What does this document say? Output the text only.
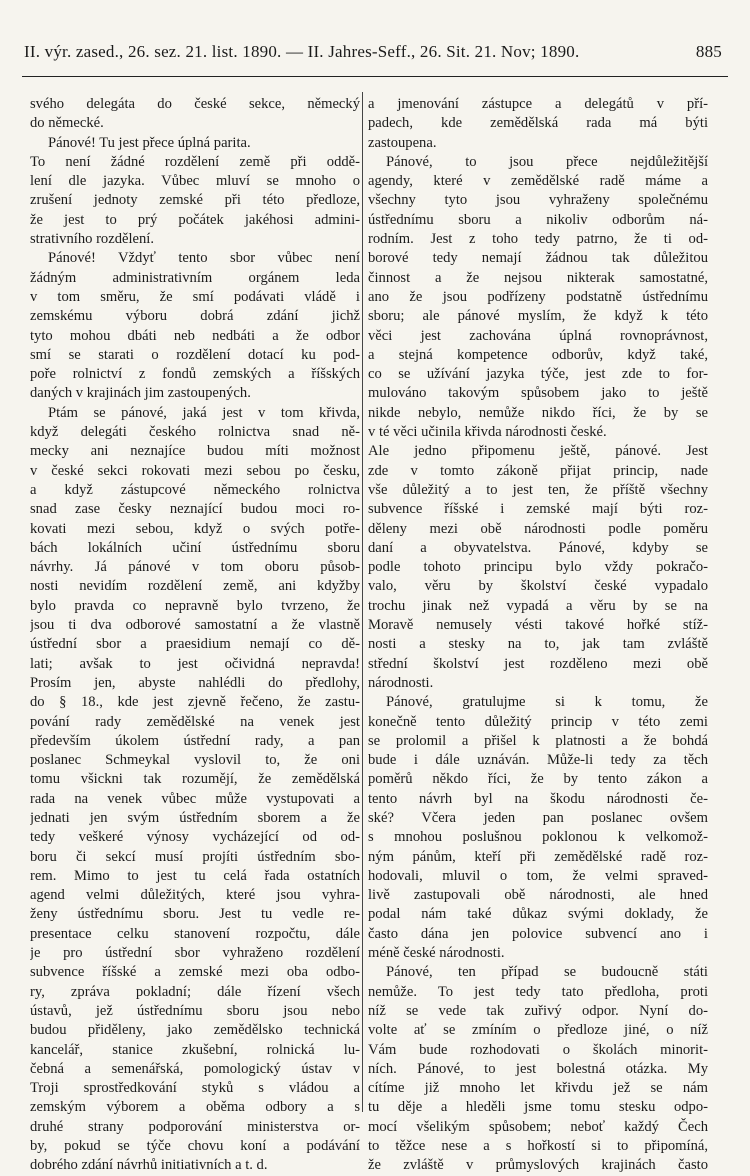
II. výr. zased., 26. sez. 21. list. 1890. — II. Jahres-Seff., 26. Sit. 21. Nov; 1890.	885
svého delegáta do české sekce, německý
do německé.
Pánové! Tu jest přece úplná parita.
To není žádné rozdělení země při oddě-
lení dle jazyka. Vůbec mluví se mnoho o
zrušení jednoty zemské při této předloze,
že jest to prý počátek jakéhosi admini-
strativního rozdělení.
Pánové! Vždyť tento sbor vůbec není
žádným administrativním orgánem leda
v tom směru, že smí podávati vládě i
zemskému výboru dobrá zdání jichž
tyto mohou dbáti neb nedbáti a že odbor
smí se starati o rozdělení dotací ku pod-
poře rolnictví z fondů zemských a říšských
daných v krajinách jim zastoupených.
Ptám se pánové, jaká jest v tom křivda,
když delegáti českého rolnictva snad ně-
mecky ani neznajíce budou míti možnost
v české sekci rokovati mezi sebou po česku,
a když zástupcové německého rolnictva
snad zase česky neznající budou moci ro-
kovati mezi sebou, když o svých potře-
bách lokálních učiní ústřednímu sboru
návrhy. Já pánové v tom oboru působ-
nosti nevidím rozdělení země, ani kdyžby
bylo pravda co nepravně bylo tvrzeno, že
jsou ti dva odborové samostatní a že vlastně
ústřední sbor a praesidium nemají co dě-
lati; avšak to jest očividná nepravda!
Prosím jen, abyste nahlédli do předlohy,
do § 18., kde jest zjevně řečeno, že zastu-
pování rady zemědělské na venek jest
především úkolem ústřední rady, a pan
poslanec Schmeykal vyslovil to, že oni
tomu všickni tak rozumějí, že zemědělská
rada na venek vůbec může vystupovati a
jednati jen svým ústředním sborem a že
tedy veškeré výnosy vycházející od od-
boru či sekcí musí projíti ústředním sbo-
rem. Mimo to jest tu celá řada ostatních
agend velmi důležitých, které jsou vyhra-
ženy ústřednímu sboru. Jest tu vedle re-
presentace celku stanovení rozpočtu, dále
je pro ústřední sbor vyhraženo rozdělení
subvence říšské a zemské mezi oba odbo-
ry, zpráva pokladní; dále řízení všech
ústavů, jež ústřednímu sboru jsou nebo
budou přiděleny, jako zemědělsko technická
kancelář, stanice zkušební, rolnická lu-
čebná a semenářská, pomologický ústav v
Troji sprostředkování styků s vládou a
zemským výborem a oběma odbory a s
druhé strany podporování ministerstva or-
by, pokud se týče chovu koní a podávání
dobrého zdání návrhů initiativních a t. d.
a jmenování zástupce a delegátů v pří-
padech, kde zemědělská rada má býti
zastoupena.
Pánové, to jsou přece nejdůležitější
agendy, které v zemědělské radě máme a
všechny tyto jsou vyhraženy společnému
ústřednímu sboru a nikoliv odborům ná-
rodním. Jest z toho tedy patrno, že ti od-
borové tedy nemají žádnou tak důležitou
činnost a že nejsou nikterak samostatné,
ano že jsou podřízeny podstatně ústřednímu
sboru; ale pánové myslím, že když k této
věci jest zachována úplná rovnoprávnost,
a stejná kompetence odborův, když také,
co se užívání jazyka týče, jest zde to for-
mulováno takovým spůsobem jako to ještě
nikde nebylo, nemůže nikdo říci, že by se
v té věci učinila křivda národnosti české.
Ale jedno připomenu ještě, pánové. Jest
zde v tomto zákoně přijat princip, nade
vše důležitý a to jest ten, že příště všechny
subvence říšské i zemské mají býti roz-
děleny mezi obě národnosti podle poměru
daní a obyvatelstva. Pánové, kdyby se
podle tohoto principu bylo vždy pokračo-
valo, věru by školství české vypadalo
trochu jinak než vypadá a věru by se na
Moravě nemusely vésti takové hořké stíž-
nosti a stesky na to, jak tam zvláště
střední školství jest rozděleno mezi obě
národnosti.
Pánové, gratulujme si k tomu, že
konečně tento důležitý princip v této zemi
se prolomil a přišel k platnosti a že bohdá
bude i dále uznáván. Může-li tedy za těch
poměrů někdo říci, že by tento zákon a
tento návrh byl na škodu národnosti če-
ské? Včera jeden pan poslanec ovšem
s mnohou poslušnou poklonou k velkomož-
ným pánům, kteří při zemědělské radě roz-
hodovali, mluvil o tom, že velmi spraved-
livě zastupovali obě národnosti, ale hned
podal nám také důkaz svými doklady, že
často dána jen polovice subvencí ano i
méně české národnosti.
Pánové, ten případ se budoucně státi
nemůže. To jest tedy tato předloha, proti
níž se vede tak zuřivý odpor. Nyní do-
volte ať se zmíním o předloze jiné, o níž
Vám bude rozhodovati o školách minorit-
ních. Pánové, to jest bolestná otázka. My
cítíme již mnoho let křivdu jež se nám
tu děje a hleděli jsme tomu stesku odpo-
mocí všelikým spůsobem; neboť každý Čech
to těžce nese a s hořkostí si to připomíná,
že zvláště v průmyslových krajinách často
